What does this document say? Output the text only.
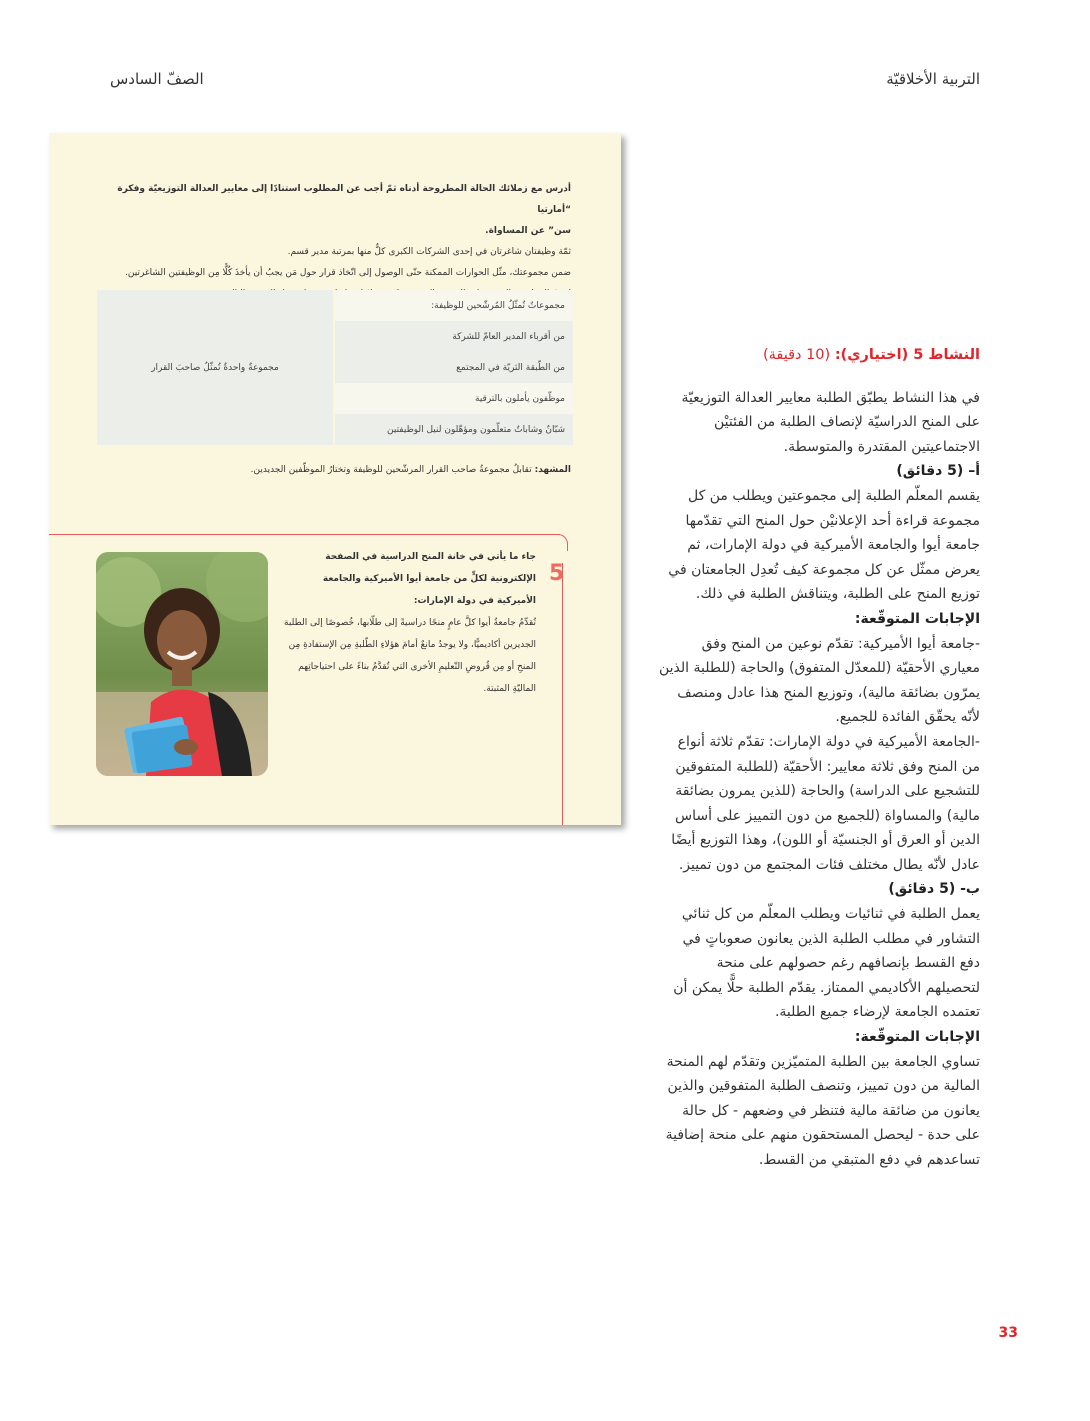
التربية الأخلاقيّة
الصفّ السادس

أدرس مع زملائك الحالة المطروحة أدناه ثمّ أجب عن المطلوب استنادًا إلى معايير العدالة التوزيعيّة وفكرة “أمارتيا

سن” عن المساواة.

ثمّة وظيفتان شاغرتان في إحدى الشركات الكبرى كلٌّ منها بمرتبة مدير قسم.

ضمن مجموعتك، مثّل الحوارات الممكنة حتّى الوصول إلى اتّخاذ قرار حول مَن يجبُ أن يأخذَ كُلًّا مِن الوظيفتين الشاغرتين.

مجموعاتٌ تُمثّلُ المُرشّحين للوظيفة:	مجموعةٌ واحدةٌ تُمثّلُ صاحبَ القرار
من أقرباء المدير العامّ للشركة
من الطّبقة الثريّة في المجتمع
موظّفون يأملون بالترقية
شبّانٌ وشاباتٌ متعلّمون ومؤهّلون لنيل الوظيفتين
المشهد: تقابلُ مجموعةُ صاحب القرار المرشّحين للوظيفة وتختارُ الموظّفين الجديدين.
5

جاء ما يأتي في خانة المنح الدراسية في الصفحة الإلكترونية لكلٍّ من جامعة أيوا الأميركية والجامعة الأميركية في دولة الإمارات:

تُقدِّمُ جامعةُ أيوا كلَّ عامٍ منحًا دراسيةً إلى طلّابها، خُصوصًا إلى الطلبة الجديرين أكاديميًّا، ولا يوجدُ مانعٌ أمامَ هؤلاءِ الطّلبةِ مِن الإستفادةِ مِن المنحِ أو مِن قُروضِ التّعليمِ الأخرى التي تُقدَّمُ بناءً على احتياجاتِهم الماليّةِ المثبتة.

النشاط 5 (اختياري): (10 دقيقة)

في هذا النشاط يطبّق الطلبة معايير العدالة التوزيعيّة على المنح الدراسيّة لإنصاف الطلبة من الفئتيْن الاجتماعيتين المقتدرة والمتوسطة.

أ– (5 دقائق)

يقسم المعلّم الطلبة إلى مجموعتين ويطلب من كل مجموعة قراءة أحد الإعلانيْن حول المنح التي تقدّمها جامعة أيوا والجامعة الأميركية في دولة الإمارات، ثم يعرض ممثّل عن كل مجموعة كيف تُعدِل الجامعتان في توزيع المنح على الطلبة، ويتناقش الطلبة في ذلك.

الإجابات المتوقّعة:

-جامعة أيوا الأميركية: تقدّم نوعين من المنح وفق معياري الأحقيّة (للمعدّل المتفوق) والحاجة (للطلبة الذين يمرّون بضائقة مالية)، وتوزيع المنح هذا عادل ومنصف لأنّه يحقّق الفائدة للجميع.

-الجامعة الأميركية في دولة الإمارات: تقدّم ثلاثة أنواع من المنح وفق ثلاثة معايير: الأحقيّة (للطلبة المتفوقين للتشجيع على الدراسة) والحاجة (للذين يمرون بضائقة مالية) والمساواة (للجميع من دون التمييز على أساس الدين أو العرق أو الجنسيّة أو اللون)، وهذا التوزيع أيضًا عادل لأنّه يطال مختلف فئات المجتمع من دون تمييز.

ب- (5 دقائق)

يعمل الطلبة في ثنائيات ويطلب المعلّم من كل ثنائي التشاور في مطلب الطلبة الذين يعانون صعوباتٍ في دفع القسط بإنصافهم رغم حصولهم على منحة لتحصيلهم الأكاديمي الممتاز. يقدّم الطلبة حلًّا يمكن أن تعتمده الجامعة لإرضاء جميع الطلبة.

الإجابات المتوقّعة:

تساوي الجامعة بين الطلبة المتميّزين وتقدّم لهم المنحة المالية من دون تمييز، وتنصف الطلبة المتفوقين والذين يعانون من ضائقة مالية فتنظر في وضعهم - كل حالة على حدة - ليحصل المستحقون منهم على منحة إضافية تساعدهم في دفع المتبقي من القسط.

33
